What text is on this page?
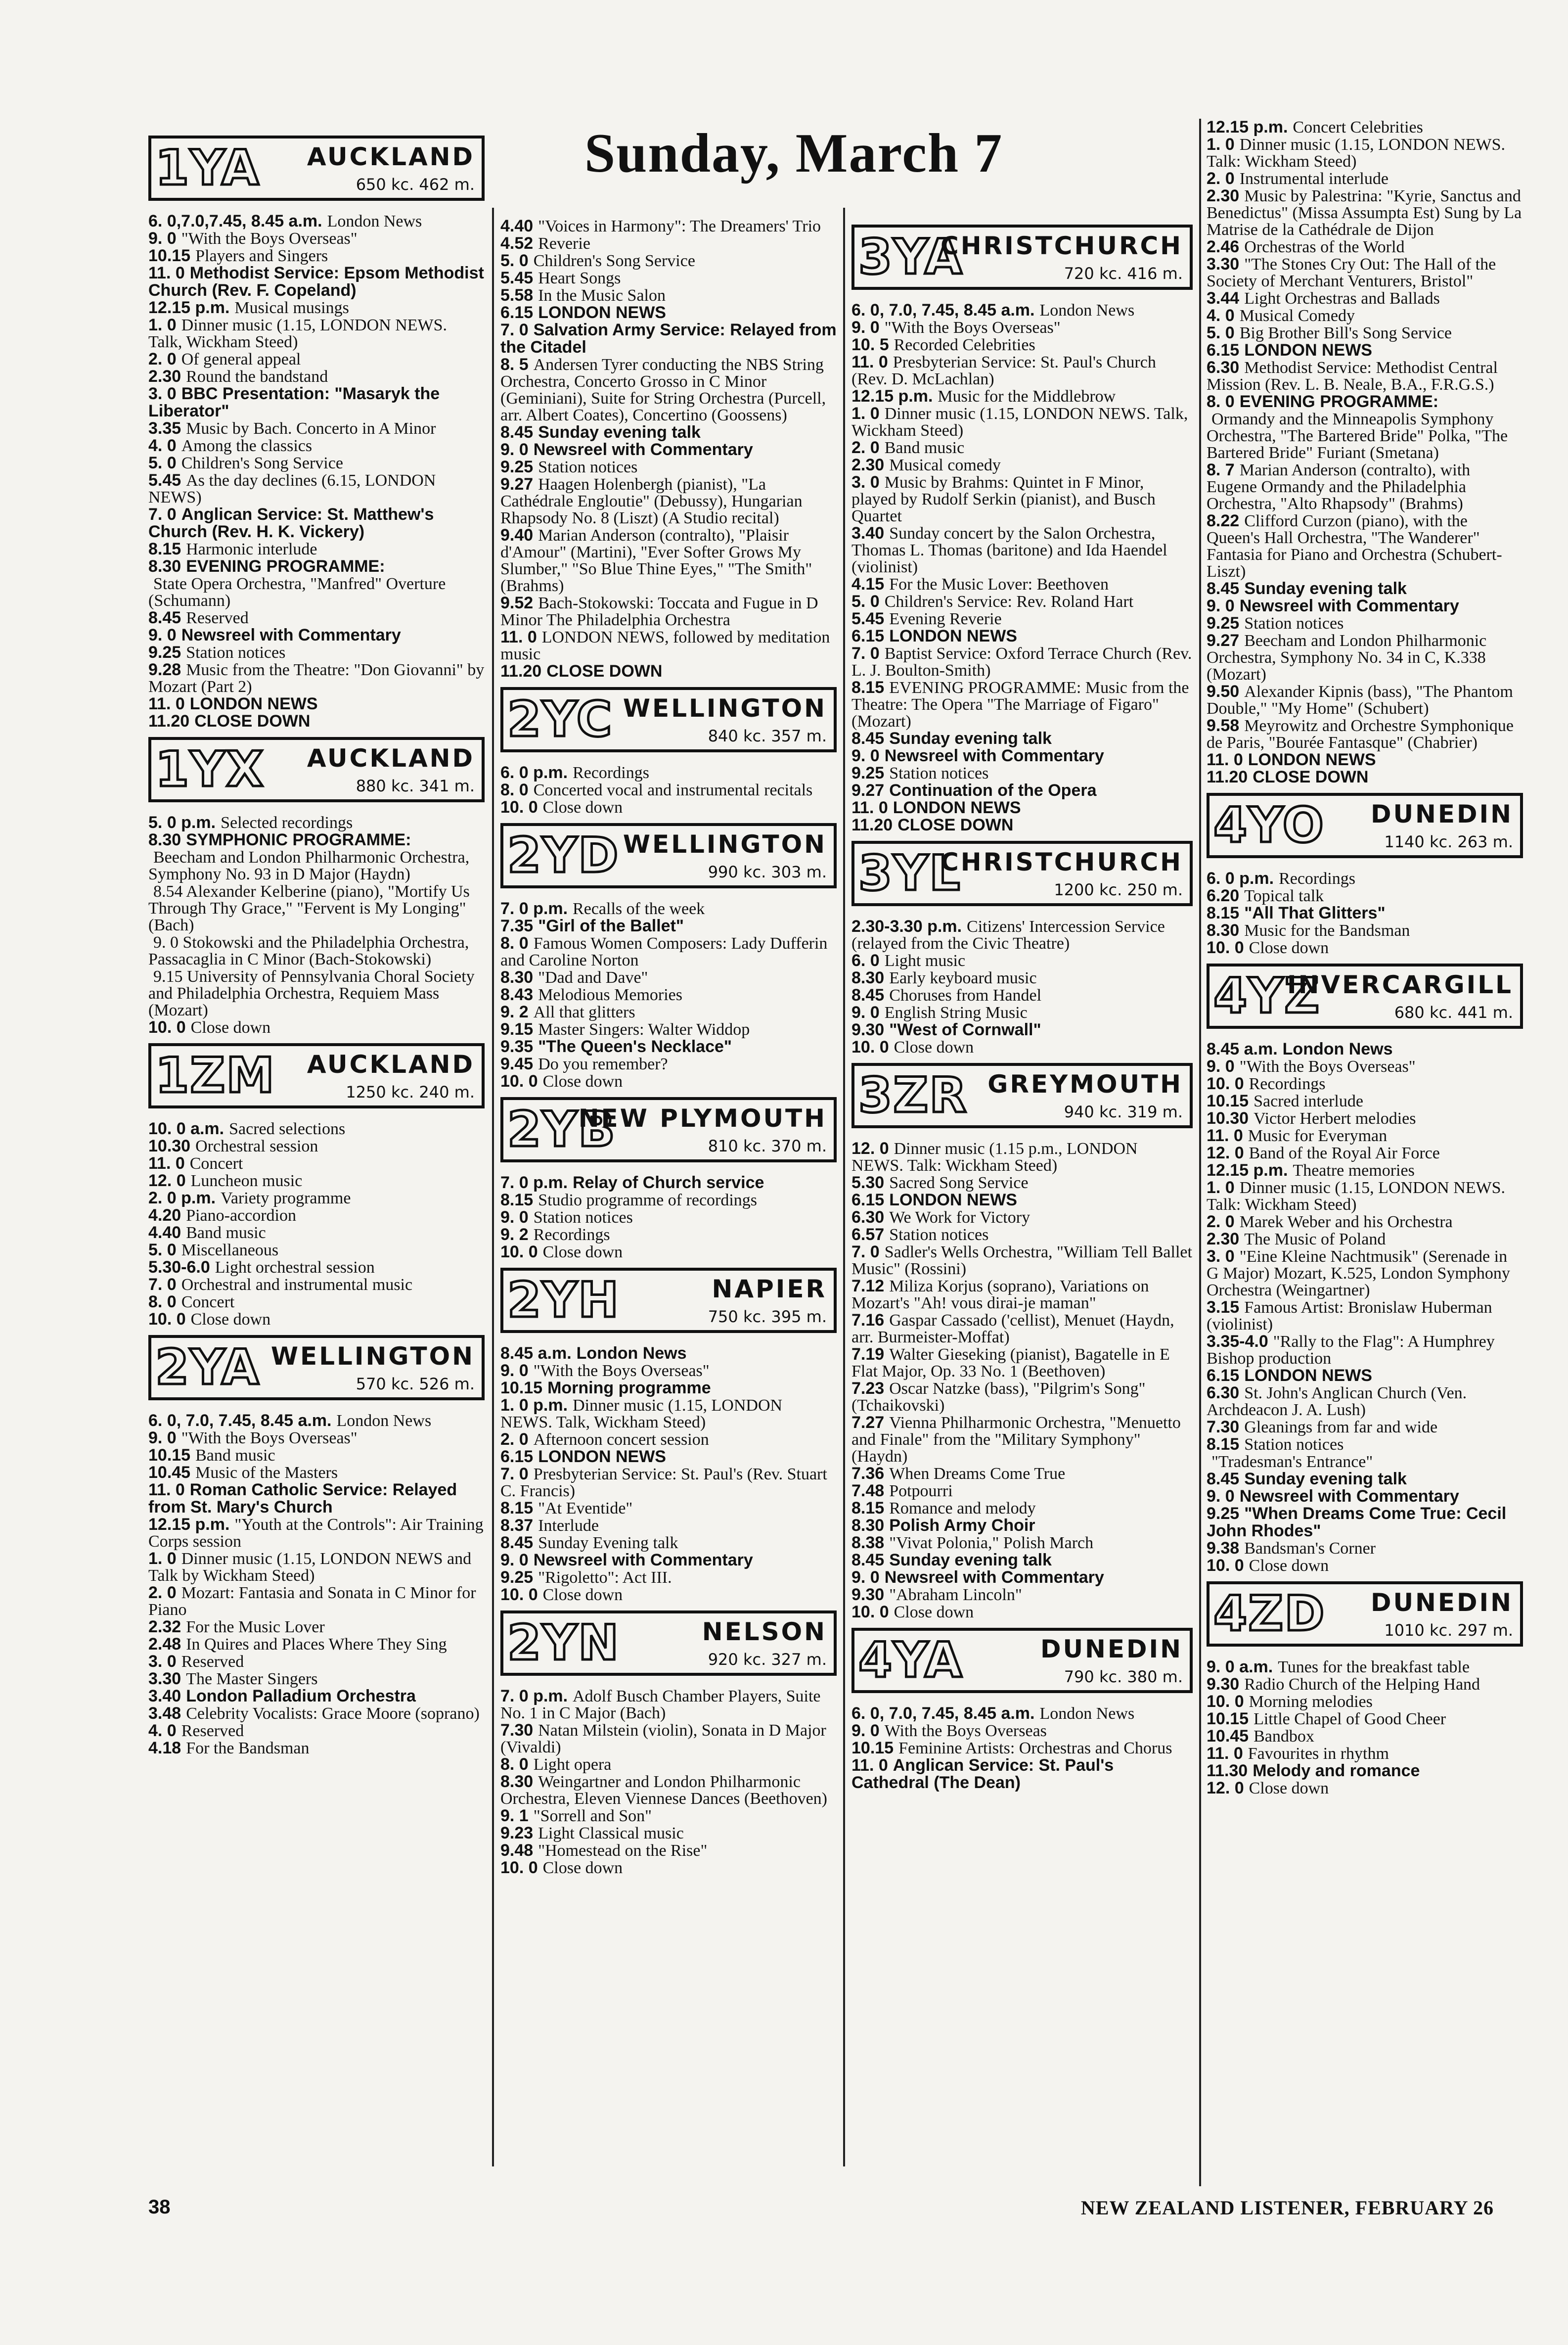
Sunday, March 7
1YA AUCKLAND
650 kc. 462 m.

6. 0,7.0,7.45, 8.45 a.m. London News

9. 0 "With the Boys Overseas"

10.15 Players and Singers

11. 0 Methodist Service: Epsom Methodist Church (Rev. F. Copeland)

12.15 p.m. Musical musings

1. 0 Dinner music (1.15, LONDON NEWS. Talk, Wickham Steed)

2. 0 Of general appeal

2.30 Round the bandstand

3. 0 BBC Presentation: "Masaryk the Liberator"

3.35 Music by Bach. Concerto in A Minor

4. 0 Among the classics

5. 0 Children's Song Service

5.45 As the day declines (6.15, LONDON NEWS)

7. 0 Anglican Service: St. Matthew's Church (Rev. H. K. Vickery)

8.15 Harmonic interlude

8.30 EVENING PROGRAMME:

State Opera Orchestra, "Manfred" Overture (Schumann)

8.45 Reserved

9. 0 Newsreel with Commentary

9.25 Station notices

9.28 Music from the Theatre: "Don Giovanni" by Mozart (Part 2)

11. 0 LONDON NEWS

11.20 CLOSE DOWN

1YX AUCKLAND
880 kc. 341 m.

5. 0 p.m. Selected recordings

8.30 SYMPHONIC PROGRAMME:

Beecham and London Philharmonic Orchestra, Symphony No. 93 in D Major (Haydn)

8.54 Alexander Kelberine (piano), "Mortify Us Through Thy Grace," "Fervent is My Longing" (Bach)

9. 0 Stokowski and the Philadelphia Orchestra, Passacaglia in C Minor (Bach-Stokowski)

9.15 University of Pennsylvania Choral Society and Philadelphia Orchestra, Requiem Mass (Mozart)

10. 0 Close down

1ZM AUCKLAND
1250 kc. 240 m.

10. 0 a.m. Sacred selections

10.30 Orchestral session

11. 0 Concert

12. 0 Luncheon music

2. 0 p.m. Variety programme

4.20 Piano-accordion

4.40 Band music

5. 0 Miscellaneous

5.30-6.0 Light orchestral session

7. 0 Orchestral and instrumental music

8. 0 Concert

10. 0 Close down

2YA WELLINGTON
570 kc. 526 m.

6. 0, 7.0, 7.45, 8.45 a.m. London News

9. 0 "With the Boys Overseas"

10.15 Band music

10.45 Music of the Masters

11. 0 Roman Catholic Service: Relayed from St. Mary's Church

12.15 p.m. "Youth at the Controls": Air Training Corps session

1. 0 Dinner music (1.15, LONDON NEWS and Talk by Wickham Steed)

2. 0 Mozart: Fantasia and Sonata in C Minor for Piano

2.32 For the Music Lover

2.48 In Quires and Places Where They Sing

3. 0 Reserved

3.30 The Master Singers

3.40 London Palladium Orchestra

3.48 Celebrity Vocalists: Grace Moore (soprano)

4. 0 Reserved

4.18 For the Bandsman

4.40 "Voices in Harmony": The Dreamers' Trio

4.52 Reverie

5. 0 Children's Song Service

5.45 Heart Songs

5.58 In the Music Salon

6.15 LONDON NEWS

7. 0 Salvation Army Service: Relayed from the Citadel

8. 5 Andersen Tyrer conducting the NBS String Orchestra, Concerto Grosso in C Minor (Geminiani), Suite for String Orchestra (Purcell, arr. Albert Coates), Concertino (Goossens)

8.45 Sunday evening talk

9. 0 Newsreel with Commentary

9.25 Station notices

9.27 Haagen Holenbergh (pianist), "La Cathédrale Engloutie" (Debussy), Hungarian Rhapsody No. 8 (Liszt) (A Studio recital)

9.40 Marian Anderson (contralto), "Plaisir d'Amour" (Martini), "Ever Softer Grows My Slumber," "So Blue Thine Eyes," "The Smith" (Brahms)

9.52 Bach-Stokowski: Toccata and Fugue in D Minor The Philadelphia Orchestra

11. 0 LONDON NEWS, followed by meditation music

11.20 CLOSE DOWN

2YC WELLINGTON
840 kc. 357 m.

6. 0 p.m. Recordings

8. 0 Concerted vocal and instrumental recitals

10. 0 Close down

2YD WELLINGTON
990 kc. 303 m.

7. 0 p.m. Recalls of the week

7.35 "Girl of the Ballet"

8. 0 Famous Women Composers: Lady Dufferin and Caroline Norton

8.30 "Dad and Dave"

8.43 Melodious Memories

9. 2 All that glitters

9.15 Master Singers: Walter Widdop

9.35 "The Queen's Necklace"

9.45 Do you remember?

10. 0 Close down

2YB
NEW PLYMOUTH
810 kc. 370 m.

7. 0 p.m. Relay of Church service

8.15 Studio programme of recordings

9. 0 Station notices

9. 2 Recordings

10. 0 Close down

2YH	NAPIER
750 kc. 395 m.

8.45 a.m. London News

9. 0 "With the Boys Overseas"

10.15 Morning programme

1. 0 p.m. Dinner music (1.15, LONDON NEWS. Talk, Wickham Steed)

2. 0 Afternoon concert session

6.15 LONDON NEWS

7. 0 Presbyterian Service: St. Paul's (Rev. Stuart C. Francis)

8.15 "At Eventide"

8.37 Interlude

8.45 Sunday Evening talk

9. 0 Newsreel with Commentary

9.25 "Rigoletto": Act III.

10. 0 Close down

2YN	NELSON
920 kc. 327 m.

7. 0 p.m. Adolf Busch Chamber Players, Suite No. 1 in C Major (Bach)

7.30 Natan Milstein (violin), Sonata in D Major (Vivaldi)

8. 0 Light opera

8.30 Weingartner and London Philharmonic Orchestra, Eleven Viennese Dances (Beethoven)

9. 1 "Sorrell and Son"

9.23 Light Classical music

9.48 "Homestead on the Rise"

10. 0 Close down

3YA
CHRISTCHURCH
720 kc. 416 m.

6. 0, 7.0, 7.45, 8.45 a.m. London News

9. 0 "With the Boys Overseas"

10. 5 Recorded Celebrities

11. 0 Presbyterian Service: St. Paul's Church (Rev. D. McLachlan)

12.15 p.m. Music for the Middlebrow

1. 0 Dinner music (1.15, LONDON NEWS. Talk, Wickham Steed)

2. 0 Band music

2.30 Musical comedy

3. 0 Music by Brahms: Quintet in F Minor, played by Rudolf Serkin (pianist), and Busch Quartet

3.40 Sunday concert by the Salon Orchestra, Thomas L. Thomas (baritone) and Ida Haendel (violinist)

4.15 For the Music Lover: Beethoven

5. 0 Children's Service: Rev. Roland Hart

5.45 Evening Reverie

6.15 LONDON NEWS

7. 0 Baptist Service: Oxford Terrace Church (Rev. L. J. Boulton-Smith)

8.15 EVENING PROGRAMME: Music from the Theatre: The Opera "The Marriage of Figaro" (Mozart)

8.45 Sunday evening talk

9. 0 Newsreel with Commentary

9.25 Station notices

9.27 Continuation of the Opera

11. 0 LONDON NEWS

11.20 CLOSE DOWN

3YL
CHRISTCHURCH
1200 kc. 250 m.

2.30-3.30 p.m. Citizens' Intercession Service (relayed from the Civic Theatre)

6. 0 Light music

8.30 Early keyboard music

8.45 Choruses from Handel

9. 0 English String Music

9.30 "West of Cornwall"

10. 0 Close down

3ZR GREYMOUTH
940 kc. 319 m.

12. 0 Dinner music (1.15 p.m., LONDON NEWS. Talk: Wickham Steed)

5.30 Sacred Song Service

6.15 LONDON NEWS

6.30 We Work for Victory

6.57 Station notices

7. 0 Sadler's Wells Orchestra, "William Tell Ballet Music" (Rossini)

7.12 Miliza Korjus (soprano), Variations on Mozart's "Ah! vous dirai-je maman"

7.16 Gaspar Cassado ('cellist), Menuet (Haydn, arr. Burmeister-Moffat)

7.19 Walter Gieseking (pianist), Bagatelle in E Flat Major, Op. 33 No. 1 (Beethoven)

7.23 Oscar Natzke (bass), "Pilgrim's Song" (Tchaikovski)

7.27 Vienna Philharmonic Orchestra, "Menuetto and Finale" from the "Military Symphony" (Haydn)

7.36 When Dreams Come True

7.48 Potpourri

8.15 Romance and melody

8.30 Polish Army Choir

8.38 "Vivat Polonia," Polish March

8.45 Sunday evening talk

9. 0 Newsreel with Commentary

9.30 "Abraham Lincoln"

10. 0 Close down

4YA	DUNEDIN
790 kc. 380 m.

6. 0, 7.0, 7.45, 8.45 a.m. London News

9. 0 With the Boys Overseas

10.15 Feminine Artists: Orchestras and Chorus

11. 0 Anglican Service: St. Paul's Cathedral (The Dean)

12.15 p.m. Concert Celebrities

1. 0 Dinner music (1.15, LONDON NEWS. Talk: Wickham Steed)

2. 0 Instrumental interlude

2.30 Music by Palestrina: "Kyrie, Sanctus and Benedictus" (Missa Assumpta Est) Sung by La Matrise de la Cathédrale de Dijon

2.46 Orchestras of the World

3.30 "The Stones Cry Out: The Hall of the Society of Merchant Venturers, Bristol"

3.44 Light Orchestras and Ballads

4. 0 Musical Comedy

5. 0 Big Brother Bill's Song Service

6.15 LONDON NEWS

6.30 Methodist Service: Methodist Central Mission (Rev. L. B. Neale, B.A., F.R.G.S.)

8. 0 EVENING PROGRAMME:

Ormandy and the Minneapolis Symphony Orchestra, "The Bartered Bride" Polka, "The Bartered Bride" Furiant (Smetana)

8. 7 Marian Anderson (contralto), with Eugene Ormandy and the Philadelphia Orchestra, "Alto Rhapsody" (Brahms)

8.22 Clifford Curzon (piano), with the Queen's Hall Orchestra, "The Wanderer" Fantasia for Piano and Orchestra (Schubert-Liszt)

8.45 Sunday evening talk

9. 0 Newsreel with Commentary

9.25 Station notices

9.27 Beecham and London Philharmonic Orchestra, Symphony No. 34 in C, K.338 (Mozart)

9.50 Alexander Kipnis (bass), "The Phantom Double," "My Home" (Schubert)

9.58 Meyrowitz and Orchestre Symphonique de Paris, "Bourée Fantasque" (Chabrier)

11. 0 LONDON NEWS

11.20 CLOSE DOWN

4YO DUNEDIN
1140 kc. 263 m.

6. 0 p.m. Recordings

6.20 Topical talk

8.15 "All That Glitters"

8.30 Music for the Bandsman

10. 0 Close down

4YZ
INVERCARGILL
680 kc. 441 m.

8.45 a.m. London News

9. 0 "With the Boys Overseas"

10. 0 Recordings

10.15 Sacred interlude

10.30 Victor Herbert melodies

11. 0 Music for Everyman

12. 0 Band of the Royal Air Force

12.15 p.m. Theatre memories

1. 0 Dinner music (1.15, LONDON NEWS. Talk: Wickham Steed)

2. 0 Marek Weber and his Orchestra

2.30 The Music of Poland

3. 0 "Eine Kleine Nachtmusik" (Serenade in G Major) Mozart, K.525, London Symphony Orchestra (Weingartner)

3.15 Famous Artist: Bronislaw Huberman (violinist)

3.35-4.0 "Rally to the Flag": A Humphrey Bishop production

6.15 LONDON NEWS

6.30 St. John's Anglican Church (Ven. Archdeacon J. A. Lush)

7.30 Gleanings from far and wide

8.15 Station notices

"Tradesman's Entrance"

8.45 Sunday evening talk

9. 0 Newsreel with Commentary

9.25 "When Dreams Come True: Cecil John Rhodes"

9.38 Bandsman's Corner

10. 0 Close down

4ZD DUNEDIN
1010 kc. 297 m.

9. 0 a.m. Tunes for the breakfast table

9.30 Radio Church of the Helping Hand

10. 0 Morning melodies

10.15 Little Chapel of Good Cheer

10.45 Bandbox

11. 0 Favourites in rhythm

11.30 Melody and romance

12. 0 Close down

38	NEW ZEALAND LISTENER, FEBRUARY 26
